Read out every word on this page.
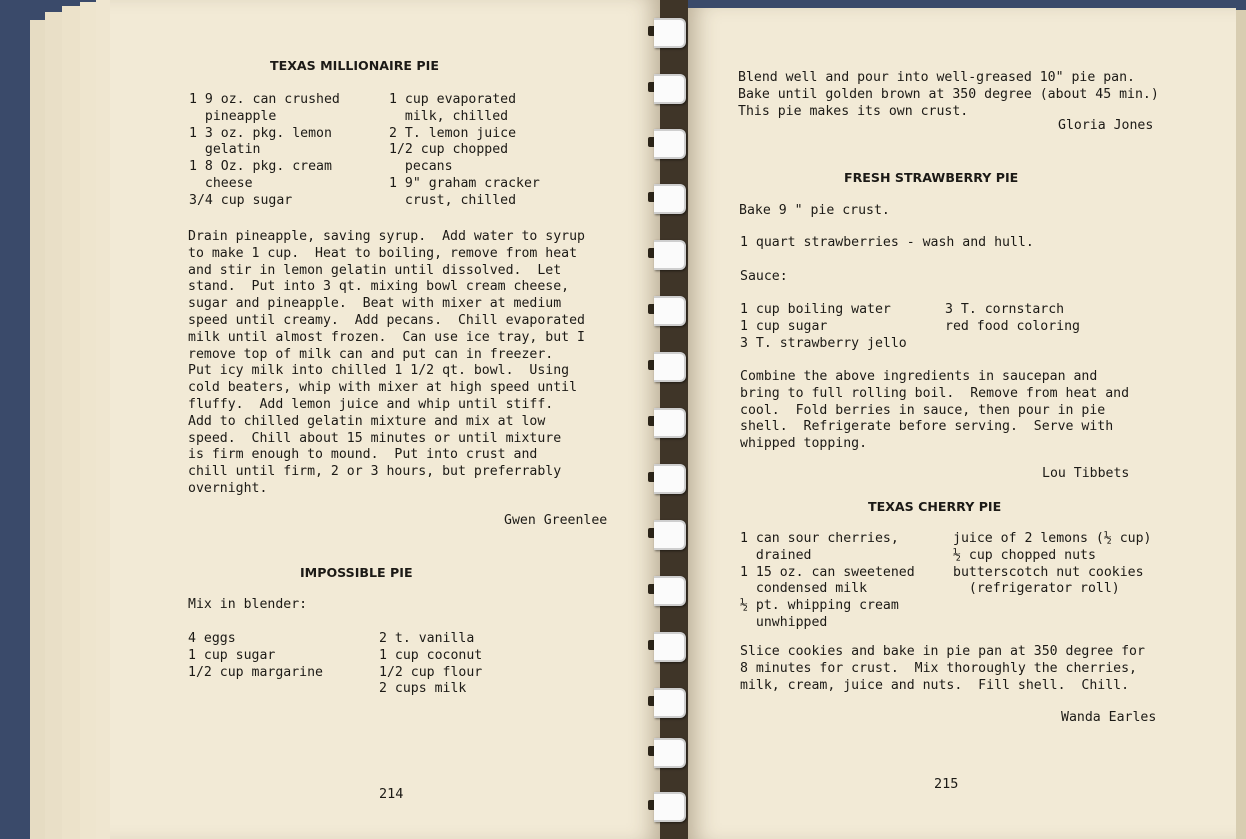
TEXAS MILLIONAIRE PIE
1 9 oz. can crushed
pineapple
1 3 oz. pkg. lemon
gelatin
1 8 Oz. pkg. cream
cheese
3/4 cup sugar
1 cup evaporated
milk, chilled
2 T. lemon juice
1/2 cup chopped
pecans
1 9" graham cracker
crust, chilled
Drain pineapple, saving syrup.  Add water to syrup
to make 1 cup.  Heat to boiling, remove from heat
and stir in lemon gelatin until dissolved.  Let
stand.  Put into 3 qt. mixing bowl cream cheese,
sugar and pineapple.  Beat with mixer at medium
speed until creamy.  Add pecans.  Chill evaporated
milk until almost frozen.  Can use ice tray, but I
remove top of milk can and put can in freezer.
Put icy milk into chilled 1 1/2 qt. bowl.  Using
cold beaters, whip with mixer at high speed until
fluffy.  Add lemon juice and whip until stiff.
Add to chilled gelatin mixture and mix at low
speed.  Chill about 15 minutes or until mixture
is firm enough to mound.  Put into crust and
chill until firm, 2 or 3 hours, but preferrably
overnight.
Gwen Greenlee
IMPOSSIBLE PIE
Mix in blender:
4 eggs
1 cup sugar
1/2 cup margarine
2 t. vanilla
1 cup coconut
1/2 cup flour
2 cups milk
214
Blend well and pour into well-greased 10" pie pan.
Bake until golden brown at 350 degree (about 45 min.)
This pie makes its own crust.
Gloria Jones
FRESH STRAWBERRY PIE
Bake 9 " pie crust.
1 quart strawberries - wash and hull.
Sauce:
1 cup boiling water
1 cup sugar
3 T. strawberry jello
3 T. cornstarch
red food coloring
Combine the above ingredients in saucepan and
bring to full rolling boil.  Remove from heat and
cool.  Fold berries in sauce, then pour in pie
shell.  Refrigerate before serving.  Serve with
whipped topping.
Lou Tibbets
TEXAS CHERRY PIE
1 can sour cherries,
drained
1 15 oz. can sweetened
condensed milk
½ pt. whipping cream
unwhipped
juice of 2 lemons (½ cup)
½ cup chopped nuts
butterscotch nut cookies
(refrigerator roll)
Slice cookies and bake in pie pan at 350 degree for
8 minutes for crust.  Mix thoroughly the cherries,
milk, cream, juice and nuts.  Fill shell.  Chill.
Wanda Earles
215
